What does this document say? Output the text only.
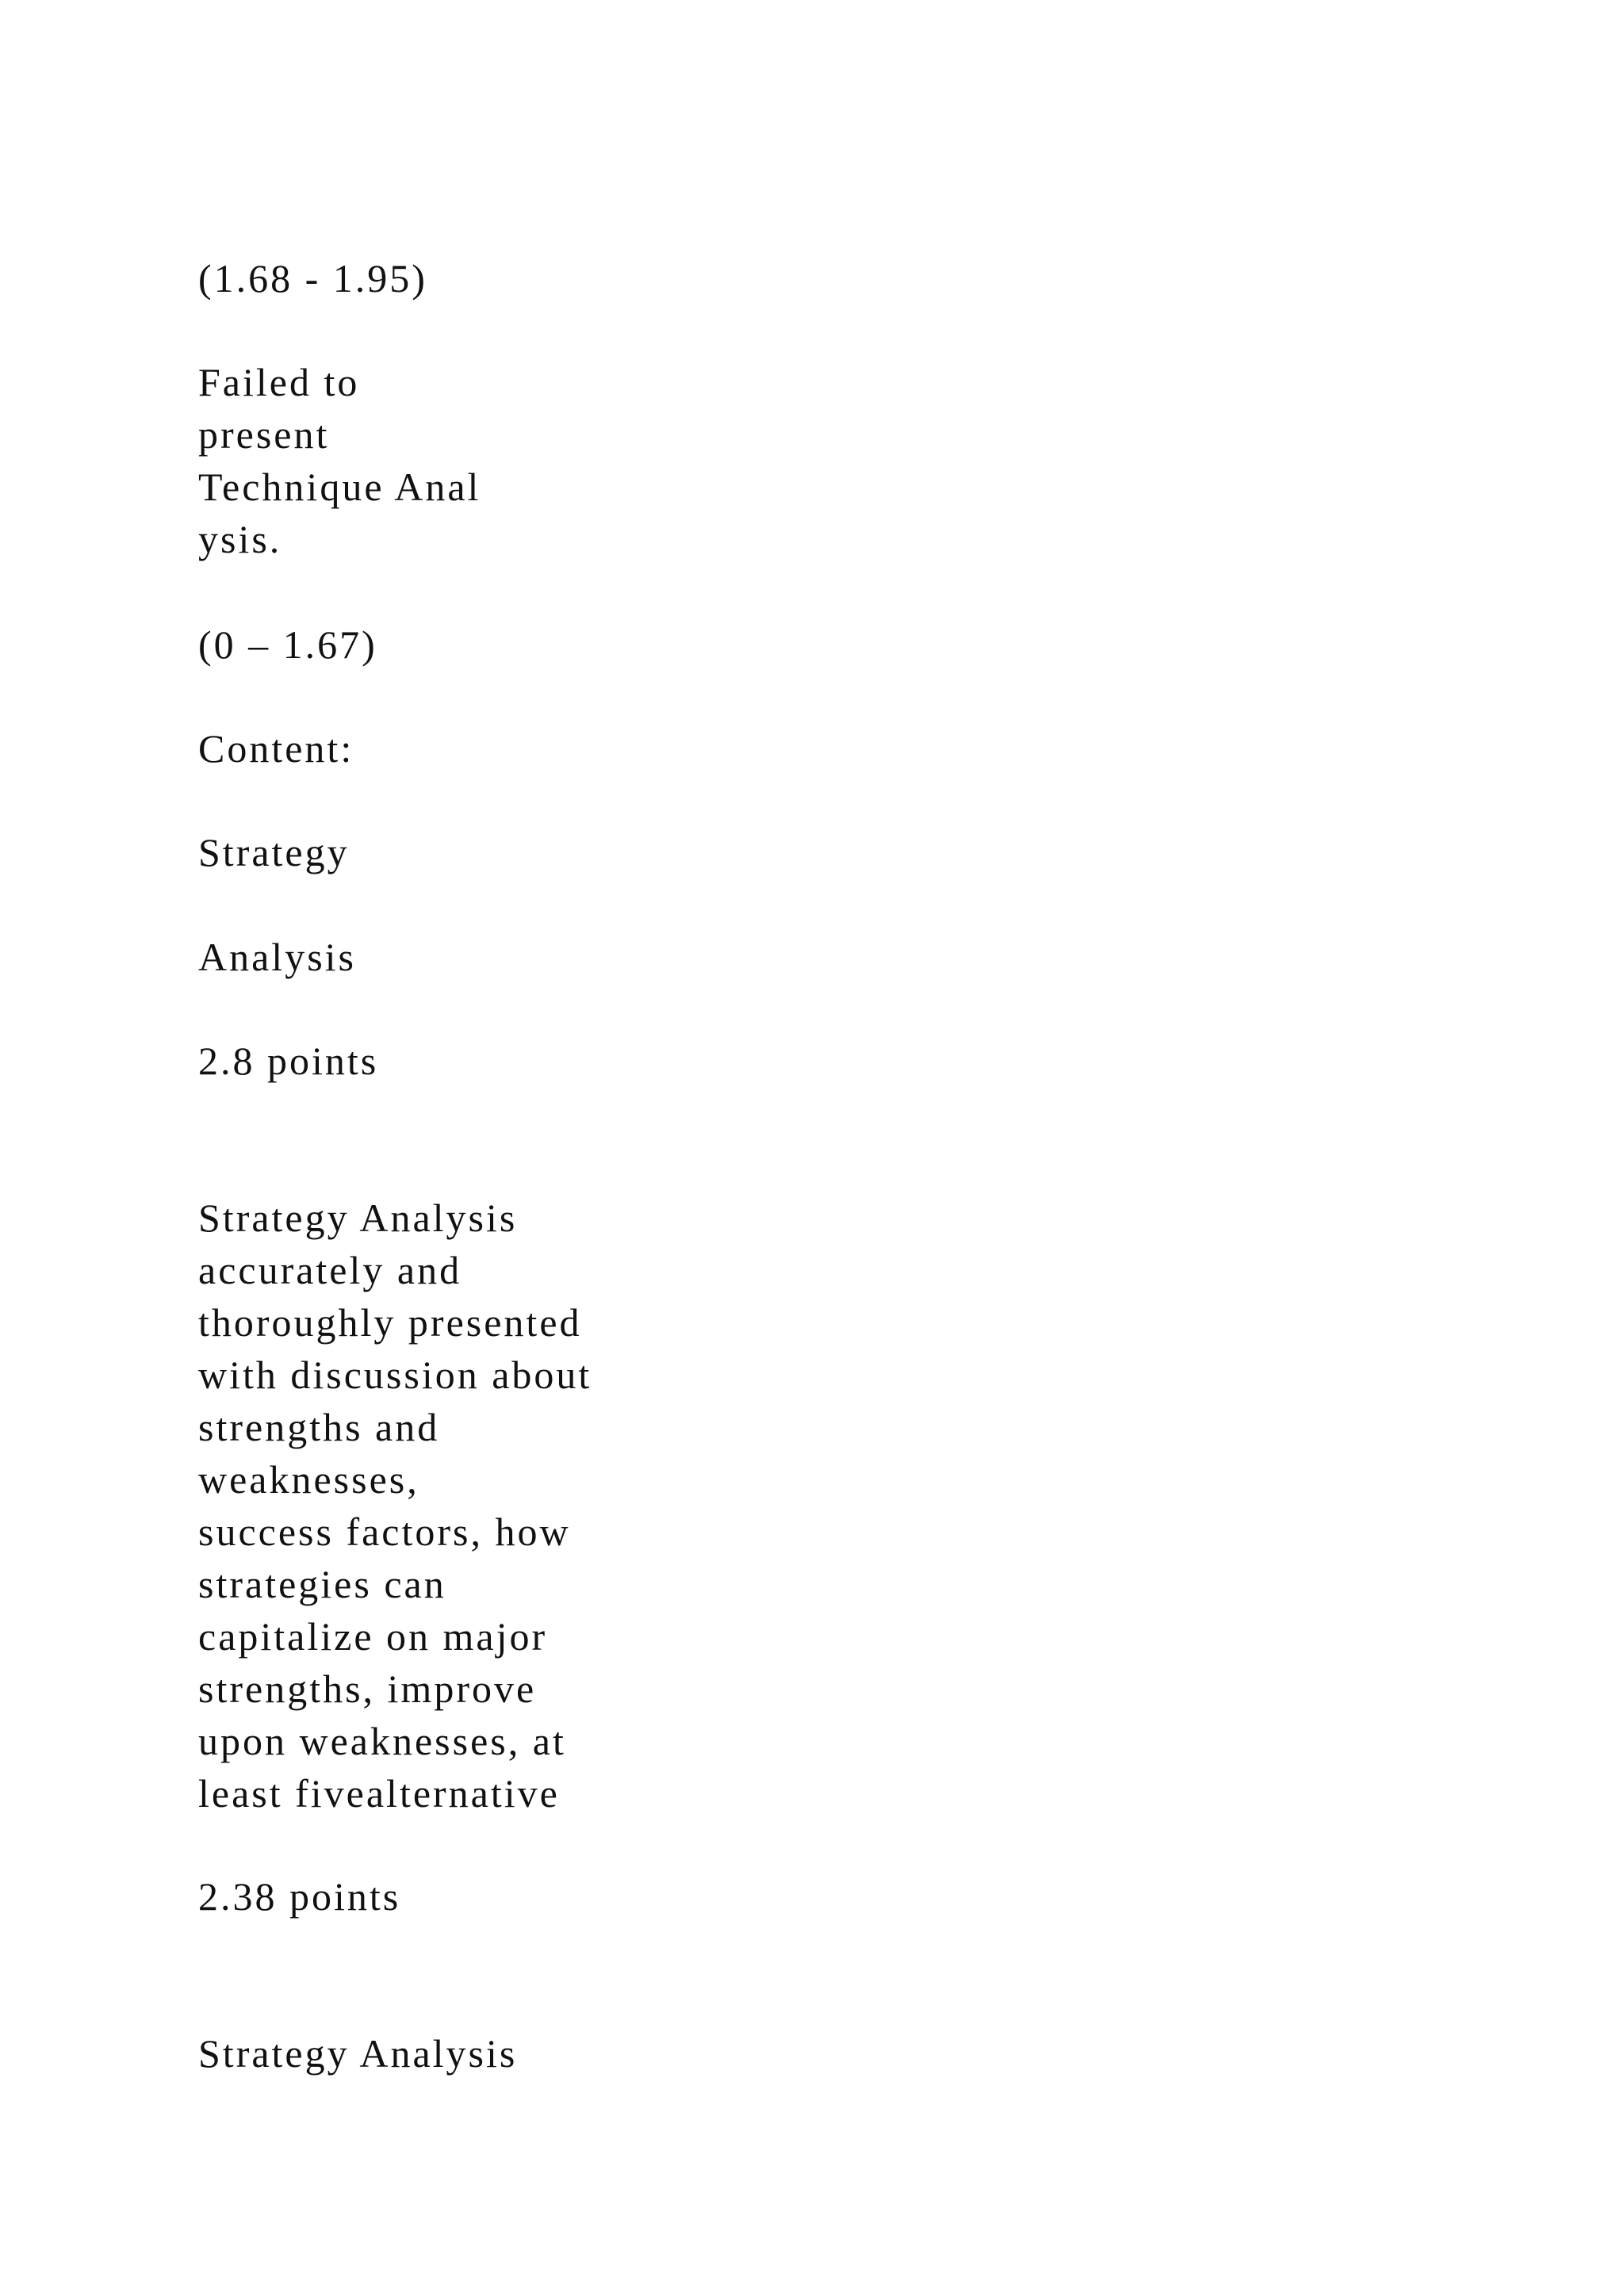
(1.68 - 1.95)
Failed to
present
Technique Anal
ysis.
(0 – 1.67)
Content:
Strategy
Analysis
2.8 points
Strategy Analysis
accurately and
thoroughly presented
with discussion about
strengths and
weaknesses,
success factors, how
strategies can
capitalize on major
strengths, improve
upon weaknesses, at
least fivealternative
2.38 points
Strategy Analysis
